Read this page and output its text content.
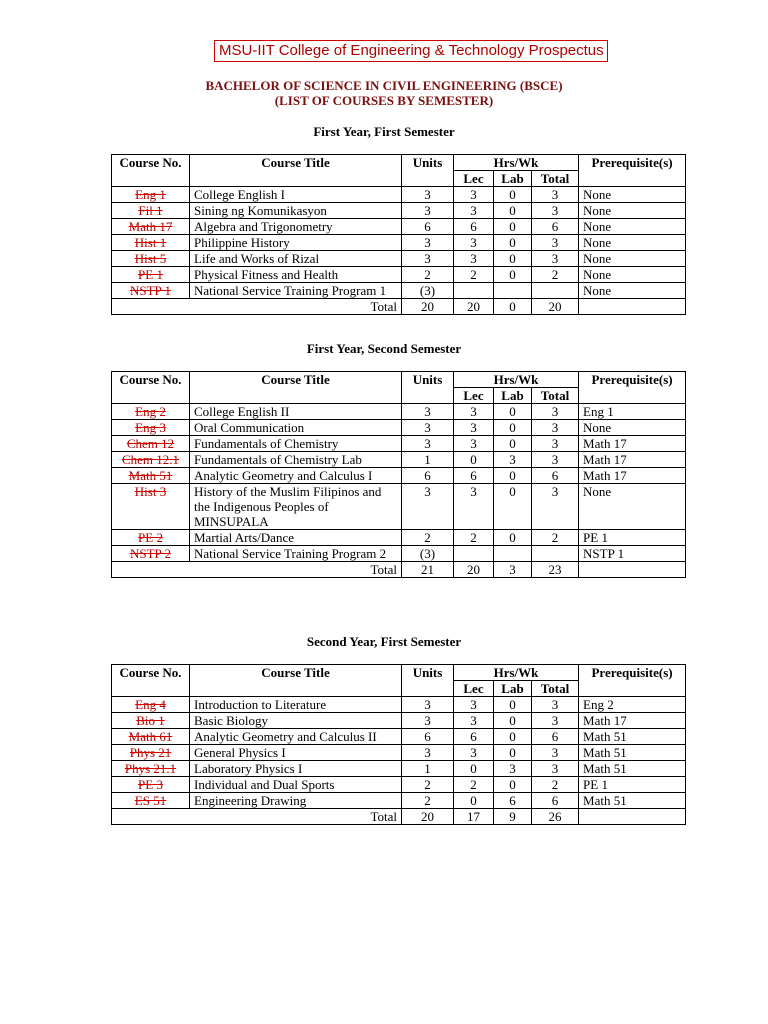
MSU-IIT College of Engineering & Technology Prospectus
BACHELOR OF SCIENCE IN CIVIL ENGINEERING (BSCE)
(LIST OF COURSES BY SEMESTER)
First Year, First Semester
Course No.	Course Title	Units	Hrs/Wk			Prerequisite(s)
			Lec	Lab	Total	
Eng 1	College English I	3	3	0	3	None
Fil 1	Sining ng Komunikasyon	3	3	0	3	None
Math 17	Algebra and Trigonometry	6	6	0	6	None
Hist 1	Philippine History	3	3	0	3	None
Hist 5	Life and Works of Rizal	3	3	0	3	None
PE 1	Physical Fitness and Health	2	2	0	2	None
NSTP 1	National Service Training Program 1	(3)				None
Total		20	20	0	20	
First Year, Second Semester
Course No.	Course Title	Units	Hrs/Wk			Prerequisite(s)
			Lec	Lab	Total	
Eng 2	College English II	3	3	0	3	Eng 1
Eng 3	Oral Communication	3	3	0	3	None
Chem 12	Fundamentals of Chemistry	3	3	0	3	Math 17
Chem 12.1	Fundamentals of Chemistry Lab	1	0	3	3	Math 17
Math 51	Analytic Geometry and Calculus I	6	6	0	6	Math 17
Hist 3	History of the Muslim Filipinos and the Indigenous Peoples of MINSUPALA	3	3	0	3	None
PE 2	Martial Arts/Dance	2	2	0	2	PE 1
NSTP 2	National Service Training Program 2	(3)				NSTP 1
Total		21	20	3	23	
Second Year, First Semester
Course No.	Course Title	Units	Hrs/Wk			Prerequisite(s)
			Lec	Lab	Total	
Eng 4	Introduction to Literature	3	3	0	3	Eng 2
Bio 1	Basic Biology	3	3	0	3	Math 17
Math 61	Analytic Geometry and Calculus II	6	6	0	6	Math 51
Phys 21	General Physics I	3	3	0	3	Math 51
Phys 21.1	Laboratory Physics I	1	0	3	3	Math 51
PE 3	Individual and Dual Sports	2	2	0	2	PE 1
ES 51	Engineering Drawing	2	0	6	6	Math 51
Total		20	17	9	26	
